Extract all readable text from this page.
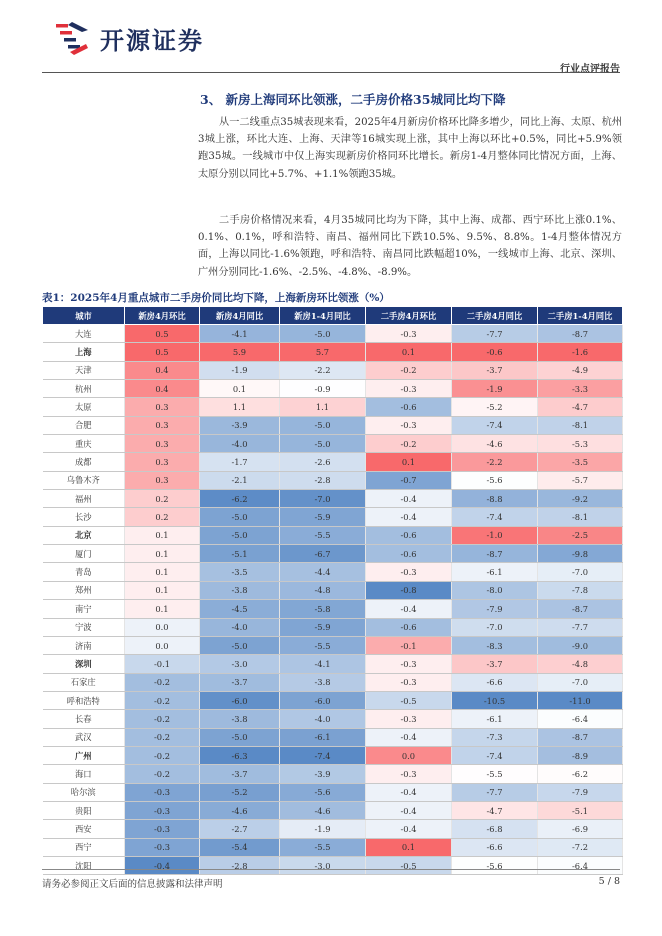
开源证券
行业点评报告
3、 新房上海同环比领涨，二手房价格35城同比均下降
从一二线重点35城表现来看，2025年4月新房价格环比降多增少，同比上海、太原、杭州3城上涨，环比大连、上海、天津等16城实现上涨，其中上海以环比+0.5%，同比+5.9%领跑35城。一线城市中仅上海实现新房价格同环比增长。新房1-4月整体同比情况方面，上海、太原分别以同比+5.7%、+1.1%领跑35城。
二手房价格情况来看，4月35城同比均为下降，其中上海、成都、西宁环比上涨0.1%、0.1%、0.1%，呼和浩特、南昌、福州同比下跌10.5%、9.5%、8.8%。1-4月整体情况方面，上海以同比-1.6%领跑，呼和浩特、南昌同比跌幅超10%，一线城市上海、北京、深圳、广州分别同比-1.6%、-2.5%、-4.8%、-8.9%。
表1：2025年4月重点城市二手房价同比均下降，上海新房环比领涨（%）
城市	新房4月环比	新房4月同比	新房1-4月同比	二手房4月环比	二手房4月同比	二手房1-4月同比
大连	0.5	-4.1	-5.0	-0.3	-7.7	-8.7
上海	0.5	5.9	5.7	0.1	-0.6	-1.6
天津	0.4	-1.9	-2.2	-0.2	-3.7	-4.9
杭州	0.4	0.1	-0.9	-0.3	-1.9	-3.3
太原	0.3	1.1	1.1	-0.6	-5.2	-4.7
合肥	0.3	-3.9	-5.0	-0.3	-7.4	-8.1
重庆	0.3	-4.0	-5.0	-0.2	-4.6	-5.3
成都	0.3	-1.7	-2.6	0.1	-2.2	-3.5
乌鲁木齐	0.3	-2.1	-2.8	-0.7	-5.6	-5.7
福州	0.2	-6.2	-7.0	-0.4	-8.8	-9.2
长沙	0.2	-5.0	-5.9	-0.4	-7.4	-8.1
北京	0.1	-5.0	-5.5	-0.6	-1.0	-2.5
厦门	0.1	-5.1	-6.7	-0.6	-8.7	-9.8
青岛	0.1	-3.5	-4.4	-0.3	-6.1	-7.0
郑州	0.1	-3.8	-4.8	-0.8	-8.0	-7.8
南宁	0.1	-4.5	-5.8	-0.4	-7.9	-8.7
宁波	0.0	-4.0	-5.9	-0.6	-7.0	-7.7
济南	0.0	-5.0	-5.5	-0.1	-8.3	-9.0
深圳	-0.1	-3.0	-4.1	-0.3	-3.7	-4.8
石家庄	-0.2	-3.7	-3.8	-0.3	-6.6	-7.0
呼和浩特	-0.2	-6.0	-6.0	-0.5	-10.5	-11.0
长春	-0.2	-3.8	-4.0	-0.3	-6.1	-6.4
武汉	-0.2	-5.0	-6.1	-0.4	-7.3	-8.7
广州	-0.2	-6.3	-7.4	0.0	-7.4	-8.9
海口	-0.2	-3.7	-3.9	-0.3	-5.5	-6.2
哈尔滨	-0.3	-5.2	-5.6	-0.4	-7.7	-7.9
贵阳	-0.3	-4.6	-4.6	-0.4	-4.7	-5.1
西安	-0.3	-2.7	-1.9	-0.4	-6.8	-6.9
西宁	-0.3	-5.4	-5.5	0.1	-6.6	-7.2
沈阳	-0.4	-2.8	-3.0	-0.5	-5.6	-6.4
请务必参阅正文后面的信息披露和法律声明	5 / 8
